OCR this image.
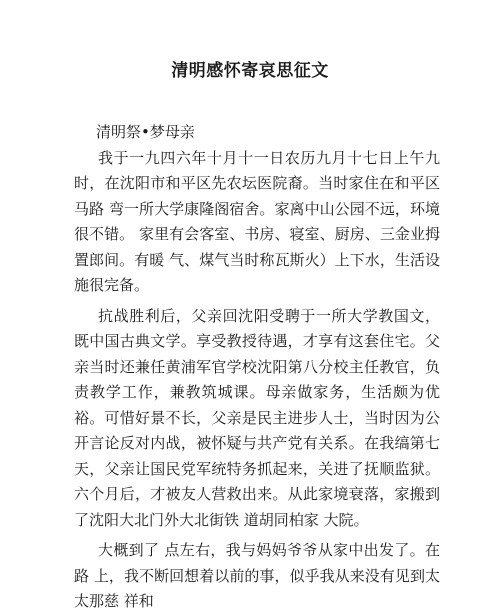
清明感怀寄哀思征文

清明祭•梦母亲

我于一九四六年十月十一日农历九月十七日上午九 时，在沈阳市和平区先农坛医院裔。当时家住在和平区马路 弯一所大学康隆阁宿舍。家离中山公园不远，环境很不错。 家里有会客室、书房、寝室、厨房、三金业拇置郎间。有暖 气、煤气当时称瓦斯火）上下水，生活设施很完备。

抗战胜利后，父亲回沈阳受聘于一所大学教国文，既中国古典文学。享受教授待遇，才享有这套住宅。父亲当时还兼任黄浦军官学校沈阳第八分校主任教官，负责教学工作，兼教筑城课。母亲做家务，生活颇为优裕。可惜好景不长，父亲是民主进步人士，当时因为公开言论反对内战，被怀疑与共产党有关系。在我缟第七天，父亲让国民党军统特务抓起来，关进了抚顺监狱。六个月后，才被友人营救出来。从此家境衰落，家搬到了沈阳大北门外大北街铁 道胡同柏家 大院。

大概到了 点左右，我与妈妈爷爷从家中出发了。在路 上，我不断回想着以前的事，似乎我从来没有见到太太那慈 祥和
